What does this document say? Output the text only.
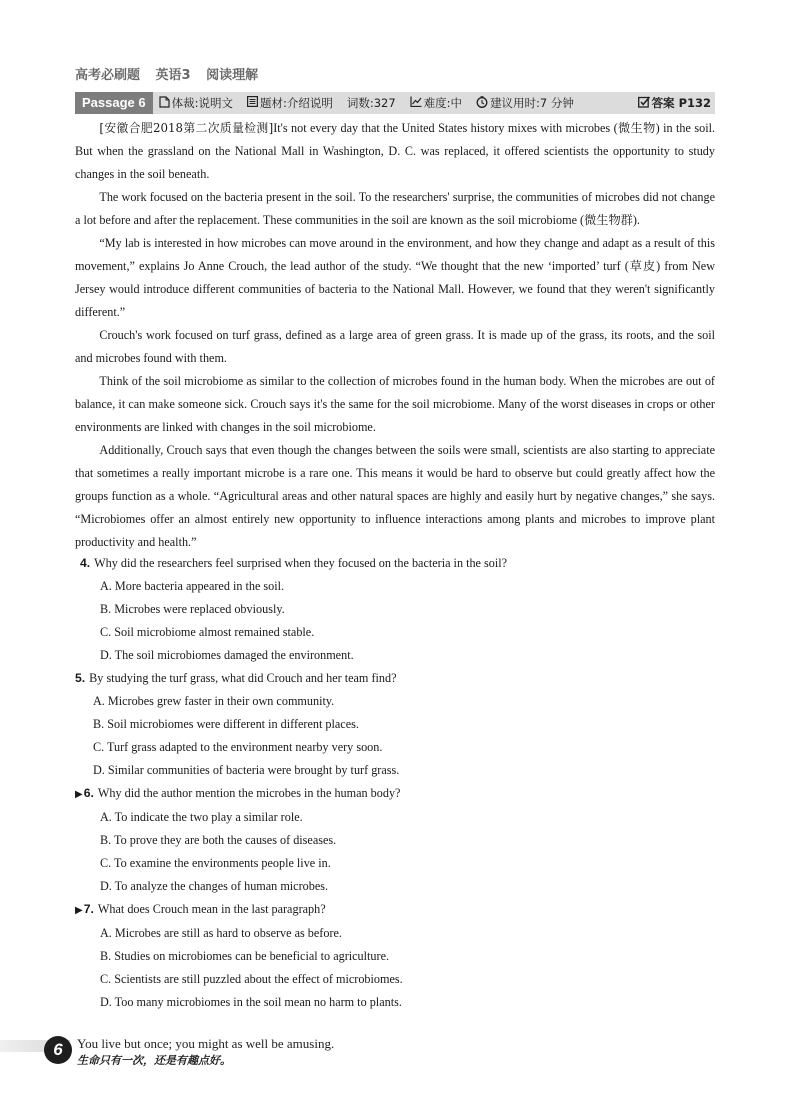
高考必刷题 英语3 阅读理解
Passage 6	体裁:说明文 题材:介绍说明 词数:327 难度:中 建议用时:7 分钟	答案 P132

[安徽合肥2018第二次质量检测]It's not every day that the United States history mixes with microbes (微生物) in the soil. But when the grassland on the National Mall in Washington, D. C. was replaced, it offered scientists the opportunity to study changes in the soil beneath.

The work focused on the bacteria present in the soil. To the researchers' surprise, the communities of microbes did not change a lot before and after the replacement. These communities in the soil are known as the soil microbiome (微生物群).

“My lab is interested in how microbes can move around in the environment, and how they change and adapt as a result of this movement,” explains Jo Anne Crouch, the lead author of the study. “We thought that the new ‘imported’ turf (草皮) from New Jersey would introduce different communities of bacteria to the National Mall. However, we found that they weren't significantly different.”

Crouch's work focused on turf grass, defined as a large area of green grass. It is made up of the grass, its roots, and the soil and microbes found with them.

Think of the soil microbiome as similar to the collection of microbes found in the human body. When the microbes are out of balance, it can make someone sick. Crouch says it's the same for the soil microbiome. Many of the worst diseases in crops or other environments are linked with changes in the soil microbiome.

Additionally, Crouch says that even though the changes between the soils were small, scientists are also starting to appreciate that sometimes a really important microbe is a rare one. This means it would be hard to observe but could greatly affect how the groups function as a whole. “Agricultural areas and other natural spaces are highly and easily hurt by negative changes,” she says. “Microbiomes offer an almost entirely new opportunity to influence interactions among plants and microbes to improve plant productivity and health.”

4. Why did the researchers feel surprised when they focused on the bacteria in the soil?
A. More bacteria appeared in the soil.
B. Microbes were replaced obviously.
C. Soil microbiome almost remained stable.
D. The soil microbiomes damaged the environment.
5. By studying the turf grass, what did Crouch and her team find?
A. Microbes grew faster in their own community.
B. Soil microbiomes were different in different places.
C. Turf grass adapted to the environment nearby very soon.
D. Similar communities of bacteria were brought by turf grass.
▶ 6. Why did the author mention the microbes in the human body?
A. To indicate the two play a similar role.
B. To prove they are both the causes of diseases.
C. To examine the environments people live in.
D. To analyze the changes of human microbes.
▶ 7. What does Crouch mean in the last paragraph?
A. Microbes are still as hard to observe as before.
B. Studies on microbiomes can be beneficial to agriculture.
C. Scientists are still puzzled about the effect of microbiomes.
D. Too many microbiomes in the soil mean no harm to plants.
6	You live but once; you might as well be amusing.
生命只有一次，还是有趣点好。
